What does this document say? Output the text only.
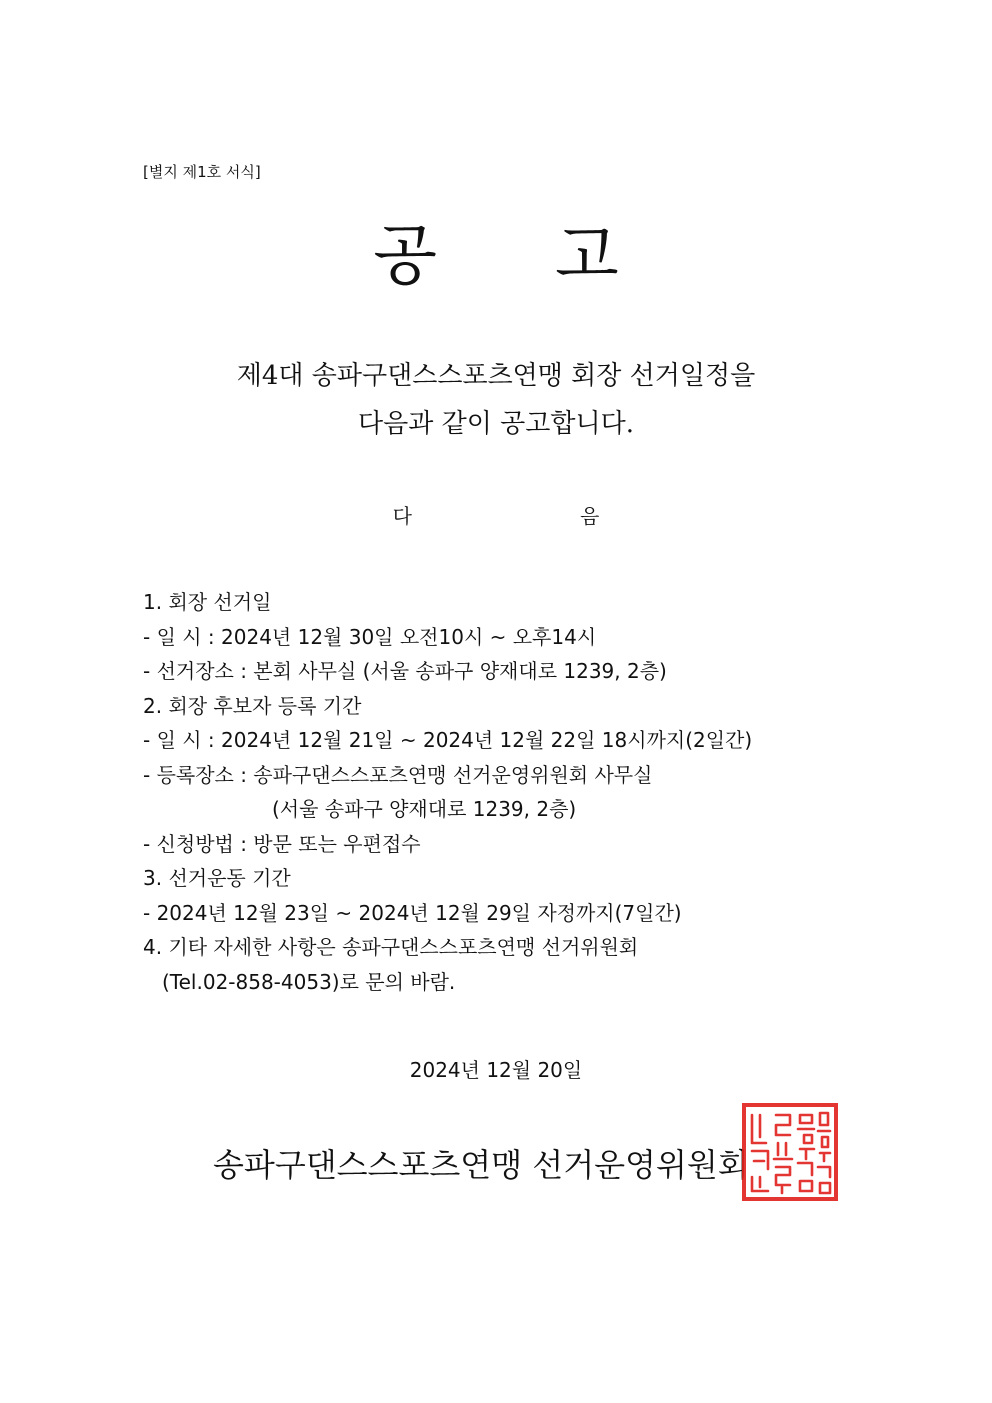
[별지 제1호 서식]
공 고
제4대 송파구댄스스포츠연맹 회장 선거일정을
다음과 같이 공고합니다.
다	음
1. 회장 선거일
- 일 시 : 2024년 12월 30일 오전10시 ~ 오후14시
- 선거장소 : 본회 사무실 (서울 송파구 양재대로 1239, 2층)
2. 회장 후보자 등록 기간
- 일 시 : 2024년 12월 21일 ~ 2024년 12월 22일 18시까지(2일간)
- 등록장소 : 송파구댄스스포츠연맹 선거운영위원회 사무실
(서울 송파구 양재대로 1239, 2층)
- 신청방법 : 방문 또는 우편접수
3. 선거운동 기간
- 2024년 12월 23일 ~ 2024년 12월 29일 자정까지(7일간)
4. 기타 자세한 사항은 송파구댄스스포츠연맹 선거위원회
(Tel.02-858-4053)로 문의 바람.
2024년 12월 20일
송파구댄스스포츠연맹 선거운영위원회
